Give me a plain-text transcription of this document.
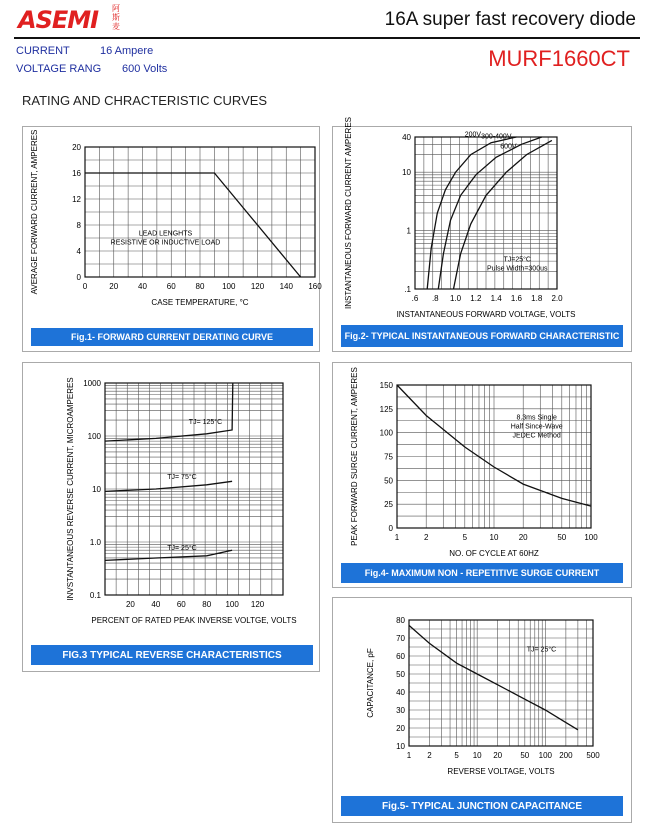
ASEMI 阿斯麦	16A super fast recovery diode
CURRENT	16 Ampere
VOLTAGE RANG 600 Volts	MURF1660CT
RATING AND CHRACTERISTIC CURVES
0	20 40 60 80 100 120 140 160
0
4
8
12
16
20
CASE TEMPERATURE, °C
AVERAGE FORWARD CURRENT, AMPERES	LEAD LENGHTS
RESISTIVE OR INDUCTIVE LOAD
Fig.1- FORWARD CURRENT DERATING CURVE
.6 .8 1.0 1.2 1.4 1.6 1.8 2.0
.1
1
10
40
INSTANTANEOUS FORWARD VOLTAGE, VOLTS
INSTANTANEOUS FORWARD CURRENT AMPERES	200V 300-400V
600V
TJ=25°C
Pulse Width=300us
Fig.2- TYPICAL INSTANTANEOUS FORWARD CHARACTERISTIC
20 40 60 80 100 120
0.1
1.0
10
100
1000
PERCENT OF RATED PEAK INVERSE VOLTGE, VOLTS
INVSTANTANEOUS REVERSE CURRENT, MICROAMPERES	TJ= 125°C
TJ= 75°C
TJ= 25°C
FIG.3 TYPICAL REVERSE CHARACTERISTICS
1	2	5	10	20	50 100
0
25
50
75
100
125
150
NO. OF CYCLE AT 60HZ
PEAK FORWARD SURGE CURRENT, AMPERES	8.3ms Single
Half Since-Wave
JEDEC Method
Fig.4- MAXIMUM NON - REPETITIVE SURGE CURRENT
1 2	5 10 20 50 100 200 500
10
20
30
40
50
60
70
80
REVERSE VOLTAGE, VOLTS
CAPACITANCE, pF	TJ= 25°C
Fig.5- TYPICAL JUNCTION CAPACITANCE
